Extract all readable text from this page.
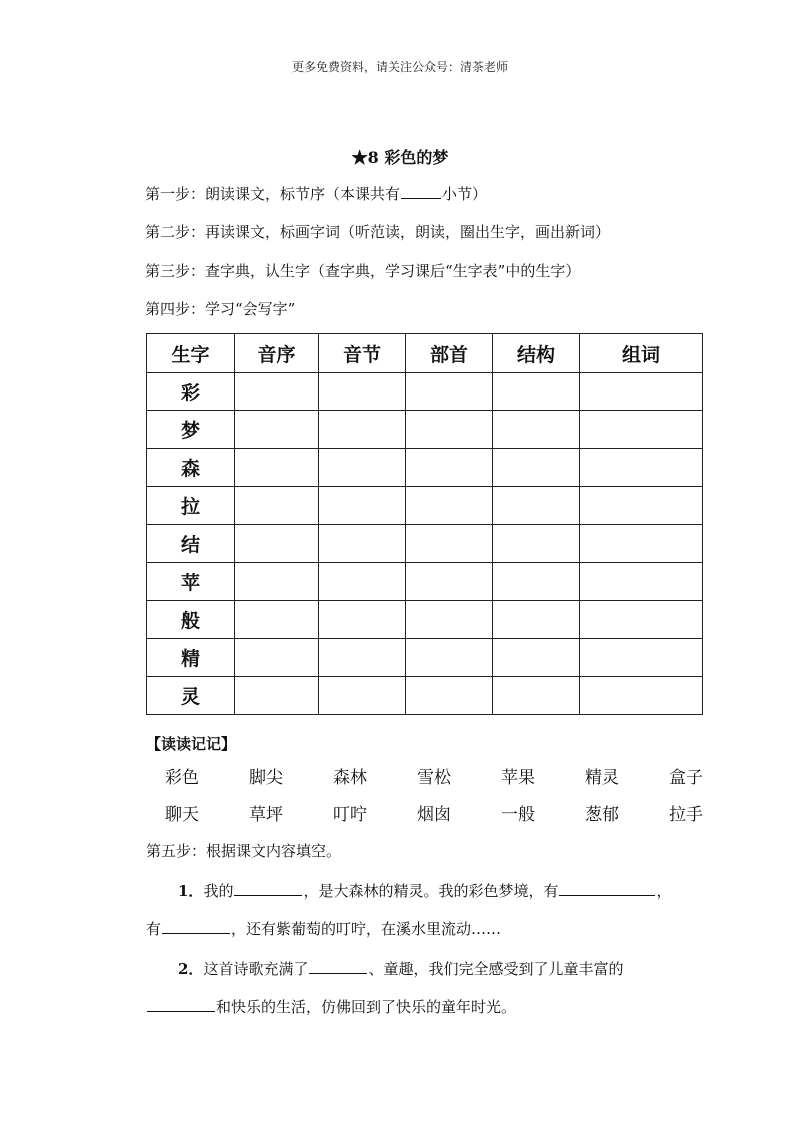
更多免费资料，请关注公众号：清茶老师
★8 彩色的梦
第一步：朗读课文，标节序（本课共有	小节）
第二步：再读课文，标画字词（听范读，朗读，圈出生字，画出新词）
第三步：查字典，认生字（查字典，学习课后“生字表”中的生字）
第四步：学习“会写字”
生字	音序	音节	部首	结构	组词
彩					
梦					
森					
拉					
结					
苹					
般					
精					
灵					
【读读记记】
彩色	脚尖	森林	雪松	苹果	精灵	盒子
聊天	草坪	叮咛	烟囱	一般	葱郁	拉手
第五步：根据课文内容填空。
1．我的	，是大森林的精灵。我的彩色梦境，有	，
有	，还有紫葡萄的叮咛，在溪水里流动……
2．这首诗歌充满了	、童趣，我们完全感受到了儿童丰富的
和快乐的生活，仿佛回到了快乐的童年时光。
